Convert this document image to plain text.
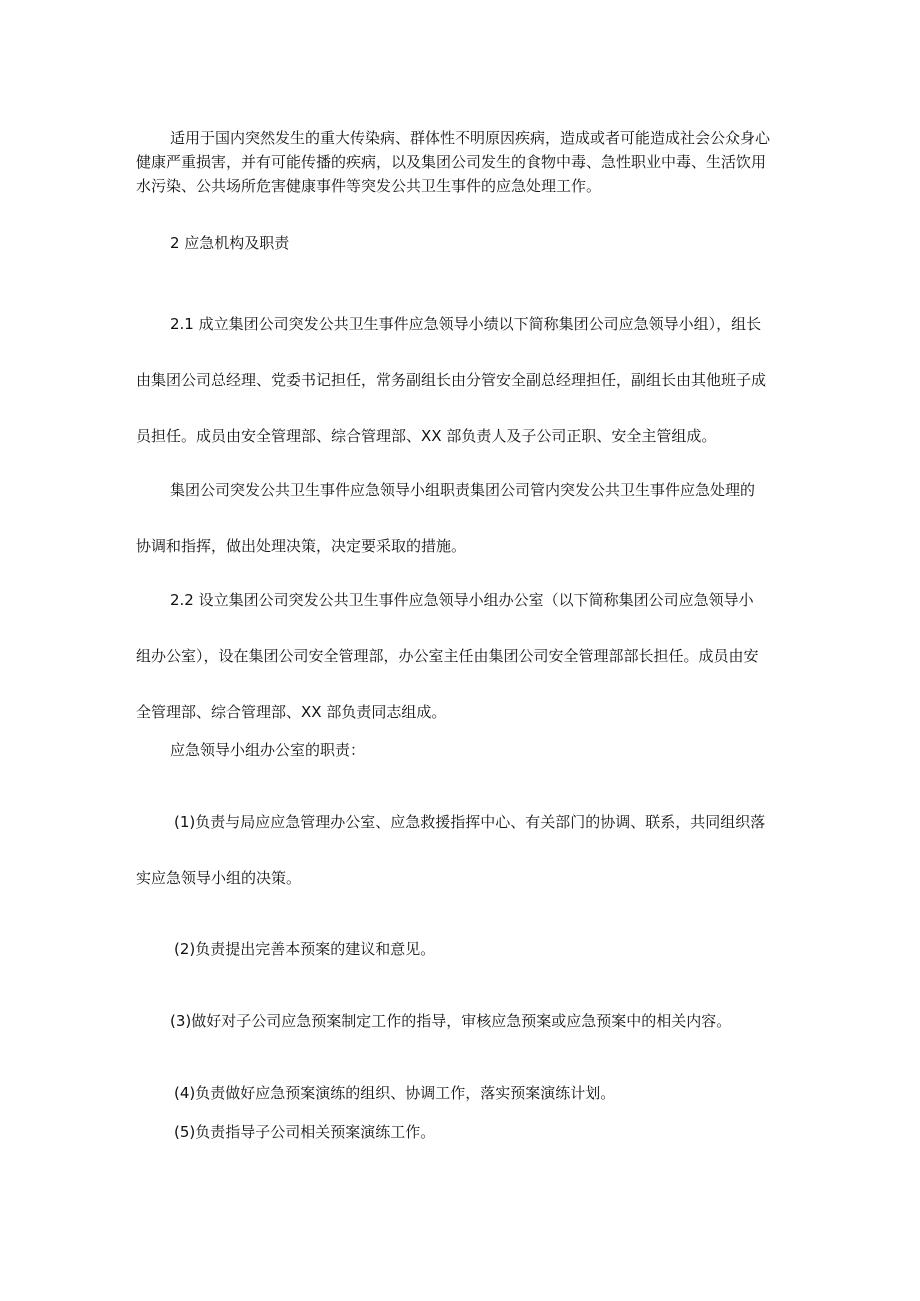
适用于国内突然发生的重大传染病、群体性不明原因疾病，造成或者可能造成社会公众身心
健康严重损害，并有可能传播的疾病，以及集团公司发生的食物中毒、急性职业中毒、生活饮用
水污染、公共场所危害健康事件等突发公共卫生事件的应急处理工作。

2 应急机构及职责

2.1 成立集团公司突发公共卫生事件应急领导小绩以下简称集团公司应急领导小组），组长
由集团公司总经理、党委书记担任，常务副组长由分管安全副总经理担任，副组长由其他班子成
员担任。成员由安全管理部、综合管理部、XX 部负责人及子公司正职、安全主管组成。

集团公司突发公共卫生事件应急领导小组职责集团公司管内突发公共卫生事件应急处理的
协调和指挥，做出处理决策，决定要采取的措施。

2.2 设立集团公司突发公共卫生事件应急领导小组办公室（以下简称集团公司应急领导小
组办公室），设在集团公司安全管理部，办公室主任由集团公司安全管理部部长担任。成员由安
全管理部、综合管理部、XX 部负责同志组成。

应急领导小组办公室的职责：

(1)负责与局应应急管理办公室、应急救援指挥中心、有关部门的协调、联系，共同组织落
实应急领导小组的决策。

(2)负责提出完善本预案的建议和意见。

(3)做好对子公司应急预案制定工作的指导，审核应急预案或应急预案中的相关内容。

(4)负责做好应急预案演练的组织、协调工作，落实预案演练计划。

(5)负责指导子公司相关预案演练工作。
